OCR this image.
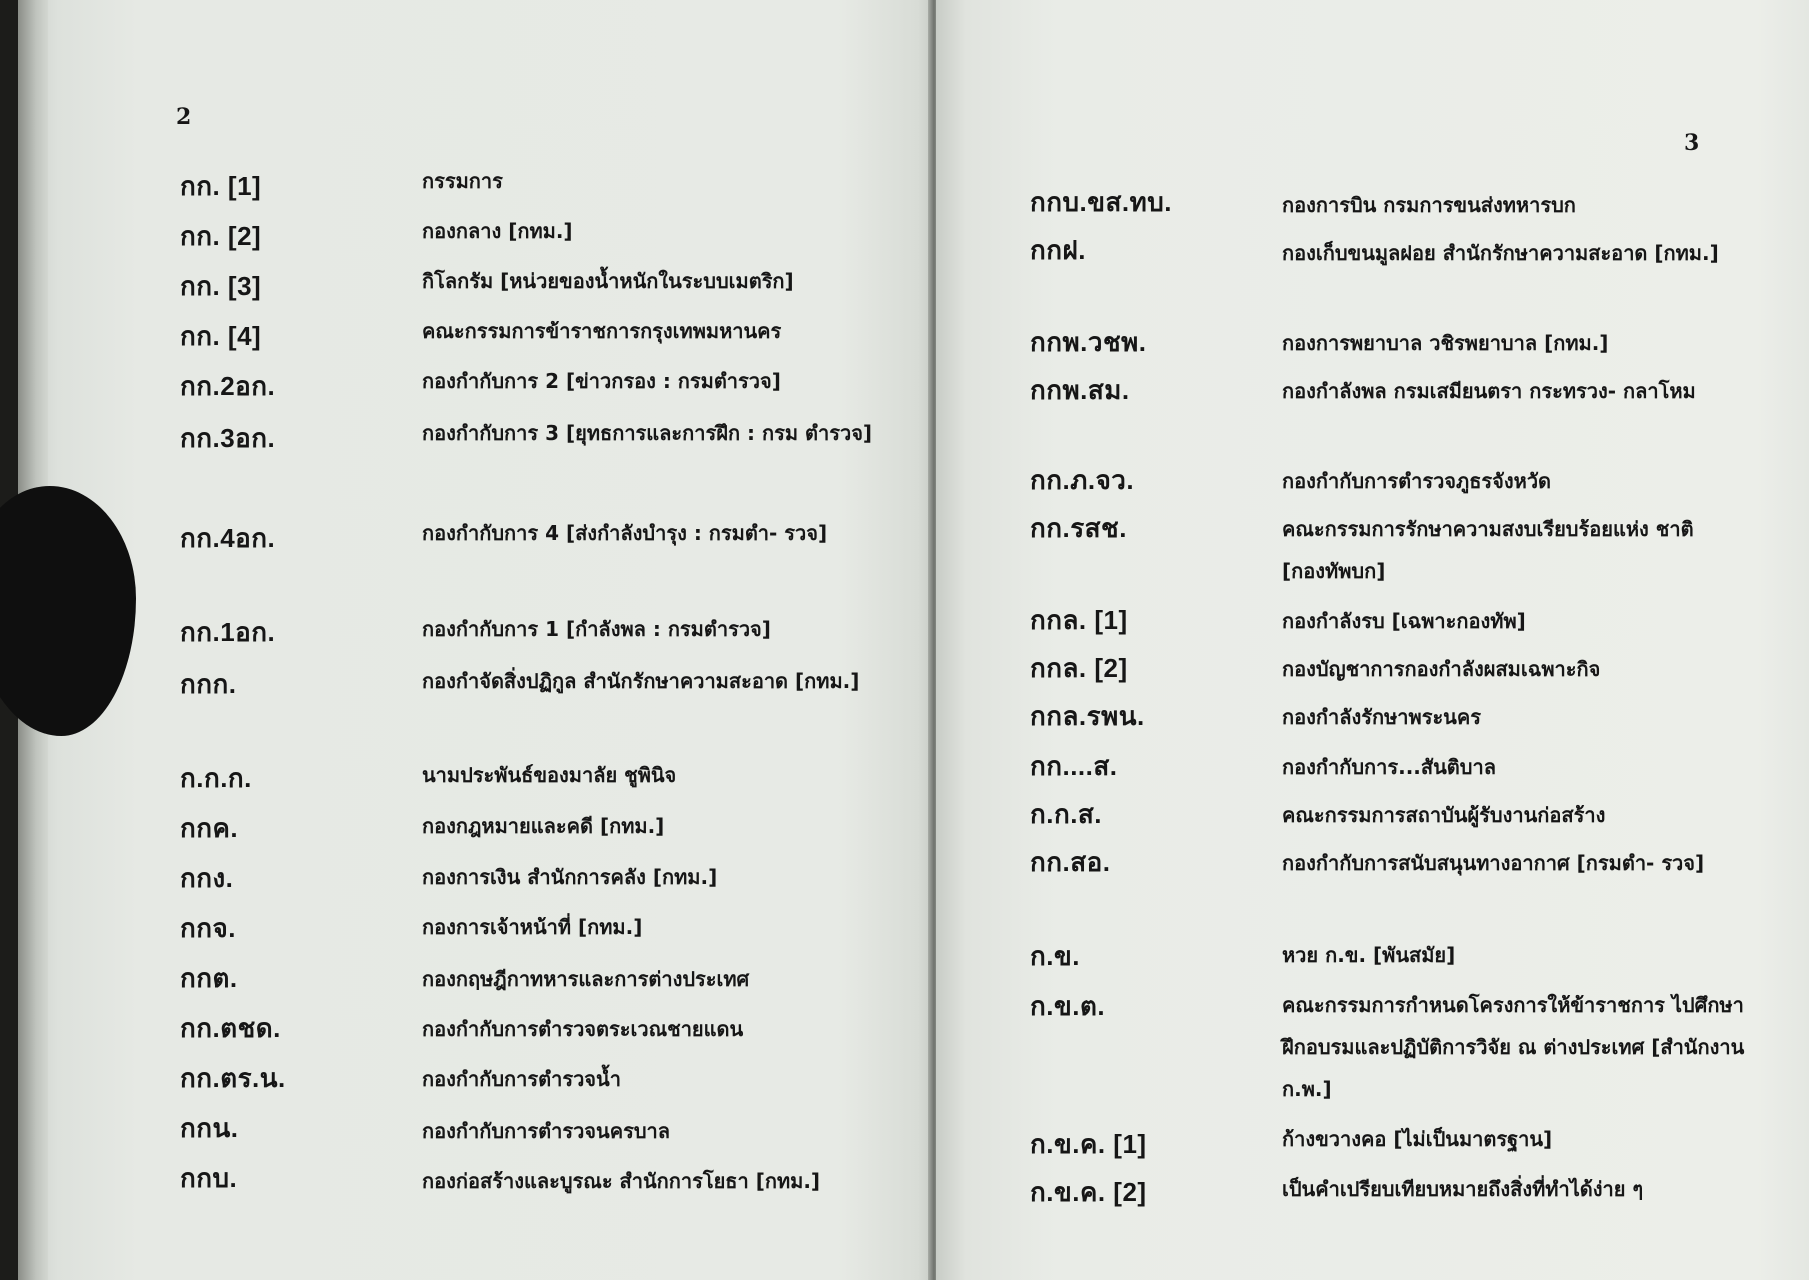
2
กก. [1]	กรรมการ
กก. [2]	กองกลาง [กทม.]
กก. [3]	กิโลกรัม [หน่วยของน้ำหนักในระบบเมตริก]
กก. [4]	คณะกรรมการข้าราชการกรุงเทพมหานคร
กก.2อก.	กองกำกับการ 2 [ข่าวกรอง : กรมตำรวจ]
กก.3อก.	กองกำกับการ 3 [ยุทธการและการฝึก : กรม ตำรวจ]
กก.4อก.	กองกำกับการ 4 [ส่งกำลังบำรุง : กรมตำ- รวจ]
กก.1อก.	กองกำกับการ 1 [กำลังพล : กรมตำรวจ]
กกก.	กองกำจัดสิ่งปฏิกูล สำนักรักษาความสะอาด [กทม.]
ก.ก.ก.	นามประพันธ์ของมาลัย ชูพินิจ
กกค.	กองกฎหมายและคดี [กทม.]
กกง.	กองการเงิน สำนักการคลัง [กทม.]
กกจ.	กองการเจ้าหน้าที่ [กทม.]
กกต.	กองกฤษฎีกาทหารและการต่างประเทศ
กก.ตชด.	กองกำกับการตำรวจตระเวณชายแดน
กก.ตร.น.	กองกำกับการตำรวจน้ำ
กกน.	กองกำกับการตำรวจนครบาล
กกบ.	กองก่อสร้างและบูรณะ สำนักการโยธา [กทม.]
3
กกบ.ขส.ทบ.	กองการบิน กรมการขนส่งทหารบก
กกฝ.	กองเก็บขนมูลฝอย สำนักรักษาความสะอาด [กทม.]
กกพ.วชพ.	กองการพยาบาล วชิรพยาบาล [กทม.]
กกพ.สม.	กองกำลังพล กรมเสมียนตรา กระทรวง- กลาโหม
กก.ภ.จว.	กองกำกับการตำรวจภูธรจังหวัด
กก.รสช.	คณะกรรมการรักษาความสงบเรียบร้อยแห่ง ชาติ [กองทัพบก]
กกล. [1]	กองกำลังรบ [เฉพาะกองทัพ]
กกล. [2]	กองบัญชาการกองกำลังผสมเฉพาะกิจ
กกล.รพน.	กองกำลังรักษาพระนคร
กก....ส.	กองกำกับการ...สันติบาล
ก.ก.ส.	คณะกรรมการสถาบันผู้รับงานก่อสร้าง
กก.สอ.	กองกำกับการสนับสนุนทางอากาศ [กรมตำ- รวจ]
ก.ข.	หวย ก.ข. [พันสมัย]
ก.ข.ต.	คณะกรรมการกำหนดโครงการให้ข้าราชการ ไปศึกษา ฝึกอบรมและปฏิบัติการวิจัย ณ ต่างประเทศ [สำนักงาน ก.พ.]
ก.ข.ค. [1]	ก้างขวางคอ [ไม่เป็นมาตรฐาน]
ก.ข.ค. [2]	เป็นคำเปรียบเทียบหมายถึงสิ่งที่ทำได้ง่าย ๆ
